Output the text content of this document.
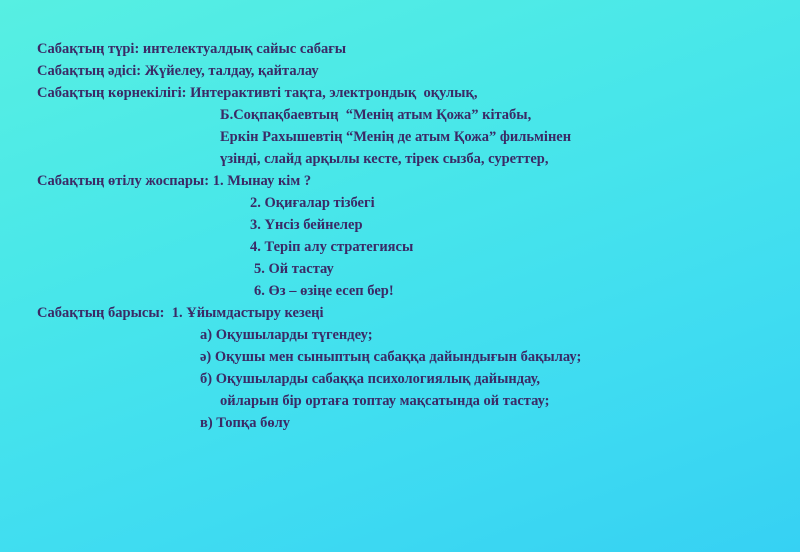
Сабақтың түрі: интелектуалдық сайыс сабағы
Сабақтың әдісі: Жүйелеу, талдау, қайталау
Сабақтың көрнекілігі: Интерактивті тақта, электрондық  оқулық,
Б.Соқпақбаевтың  “Менің атым Қожа” кітабы,
Еркін Рахышевтің “Менің де атым Қожа” фильмінен
үзінді, слайд арқылы кесте, тірек сызба, суреттер,
Сабақтың өтілу жоспары: 1. Мынау кім ?
2. Оқиғалар тізбегі
3. Үнсіз бейнелер
4. Теріп алу стратегиясы
5. Ой тастау
6. Өз – өзіңе есеп бер!
Сабақтың барысы:  1. Ұйымдастыру кезеңі
а) Оқушыларды түгендеу;
ә) Оқушы мен сыныптың сабаққа дайындығын бақылау;
б) Оқушыларды сабаққа психологиялық дайындау,
ойларын бір ортаға топтау мақсатында ой тастау;
в) Топқа бөлу
